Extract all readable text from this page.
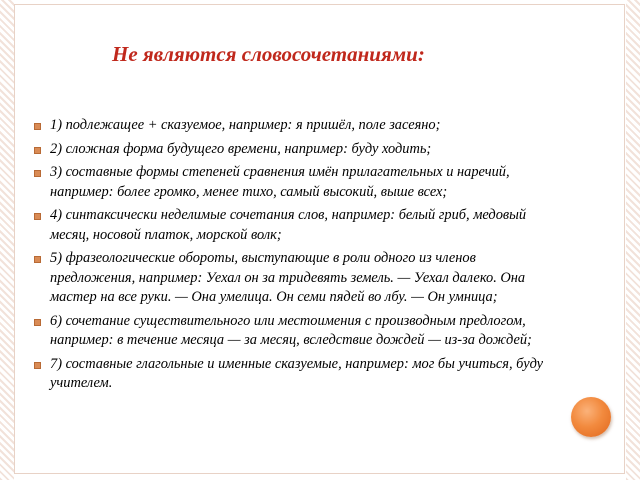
Не являются словосочетаниями:
1) подлежащее + сказуемое, например: я пришёл, поле засеяно;
2) сложная форма будущего времени, например: буду ходить;
3) составные формы степеней сравнения имён прилагательных и наречий, например: более громко, менее тихо, самый высокий, выше всех;
4) синтаксически неделимые сочетания слов, например: белый гриб, медовый месяц, носовой платок, морской волк;
5) фразеологические обороты, выступающие в роли одного из членов предложения, например: Уехал он за тридевять земель. — Уехал далеко. Она мастер на все руки. — Она умелица. Он семи пядей во лбу. — Он умница;
6) сочетание существительного или местоимения с производным предлогом, например: в течение месяца — за месяц, вследствие дождей — из-за дождей;
7) составные глагольные и именные сказуемые, например: мог бы учиться, буду учителем.
